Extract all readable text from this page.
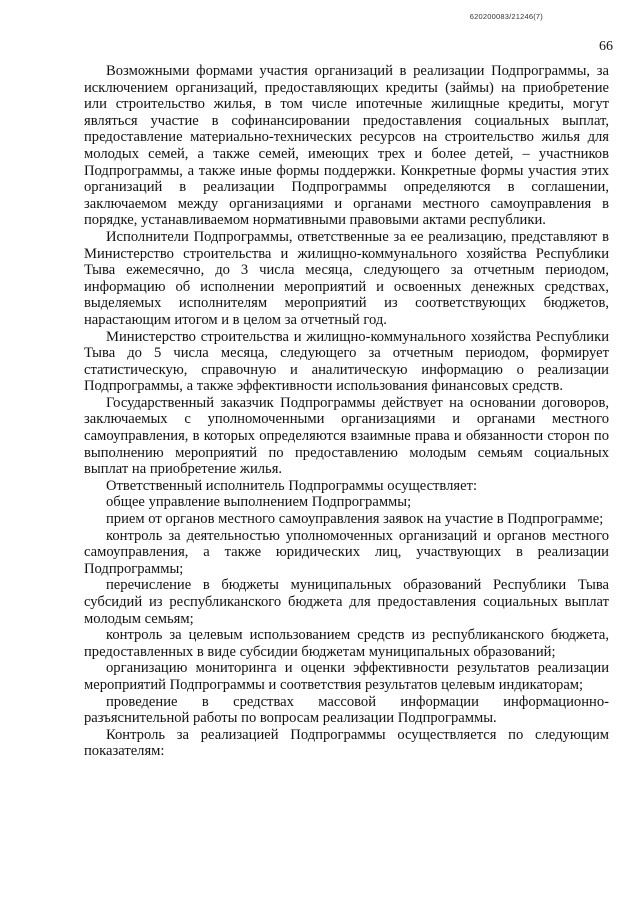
620200083/21246(7)
66

Возможными формами участия организаций в реализации Подпрограммы, за исключением организаций, предоставляющих кредиты (займы) на приобретение или строительство жилья, в том числе ипотечные жилищные кредиты, могут являться участие в софинансировании предоставления социальных выплат, предоставление материально-технических ресурсов на строительство жилья для молодых семей, а также семей, имеющих трех и более детей, – участников Подпрограммы, а также иные формы поддержки. Конкретные формы участия этих организаций в реализации Подпрограммы определяются в соглашении, заключаемом между организациями и органами местного самоуправления в порядке, устанавливаемом нормативными правовыми актами республики.

Исполнители Подпрограммы, ответственные за ее реализацию, представляют в Министерство строительства и жилищно-коммунального хозяйства Республики Тыва ежемесячно, до 3 числа месяца, следующего за отчетным периодом, информацию об исполнении мероприятий и освоенных денежных средствах, выделяемых исполнителям мероприятий из соответствующих бюджетов, нарастающим итогом и в целом за отчетный год.

Министерство строительства и жилищно-коммунального хозяйства Республики Тыва до 5 числа месяца, следующего за отчетным периодом, формирует статистическую, справочную и аналитическую информацию о реализации Подпрограммы, а также эффективности использования финансовых средств.

Государственный заказчик Подпрограммы действует на основании договоров, заключаемых с уполномоченными организациями и органами местного самоуправления, в которых определяются взаимные права и обязанности сторон по выполнению мероприятий по предоставлению молодым семьям социальных выплат на приобретение жилья.

Ответственный исполнитель Подпрограммы осуществляет:

общее управление выполнением Подпрограммы;

прием от органов местного самоуправления заявок на участие в Подпрограмме;

контроль за деятельностью уполномоченных организаций и органов местного самоуправления, а также юридических лиц, участвующих в реализации Подпрограммы;

перечисление в бюджеты муниципальных образований Республики Тыва субсидий из республиканского бюджета для предоставления социальных выплат молодым семьям;

контроль за целевым использованием средств из республиканского бюджета, предоставленных в виде субсидии бюджетам муниципальных образований;

организацию мониторинга и оценки эффективности результатов реализации мероприятий Подпрограммы и соответствия результатов целевым индикаторам;

проведение в средствах массовой информации информационно-разъяснительной работы по вопросам реализации Подпрограммы.

Контроль за реализацией Подпрограммы осуществляется по следующим показателям:
